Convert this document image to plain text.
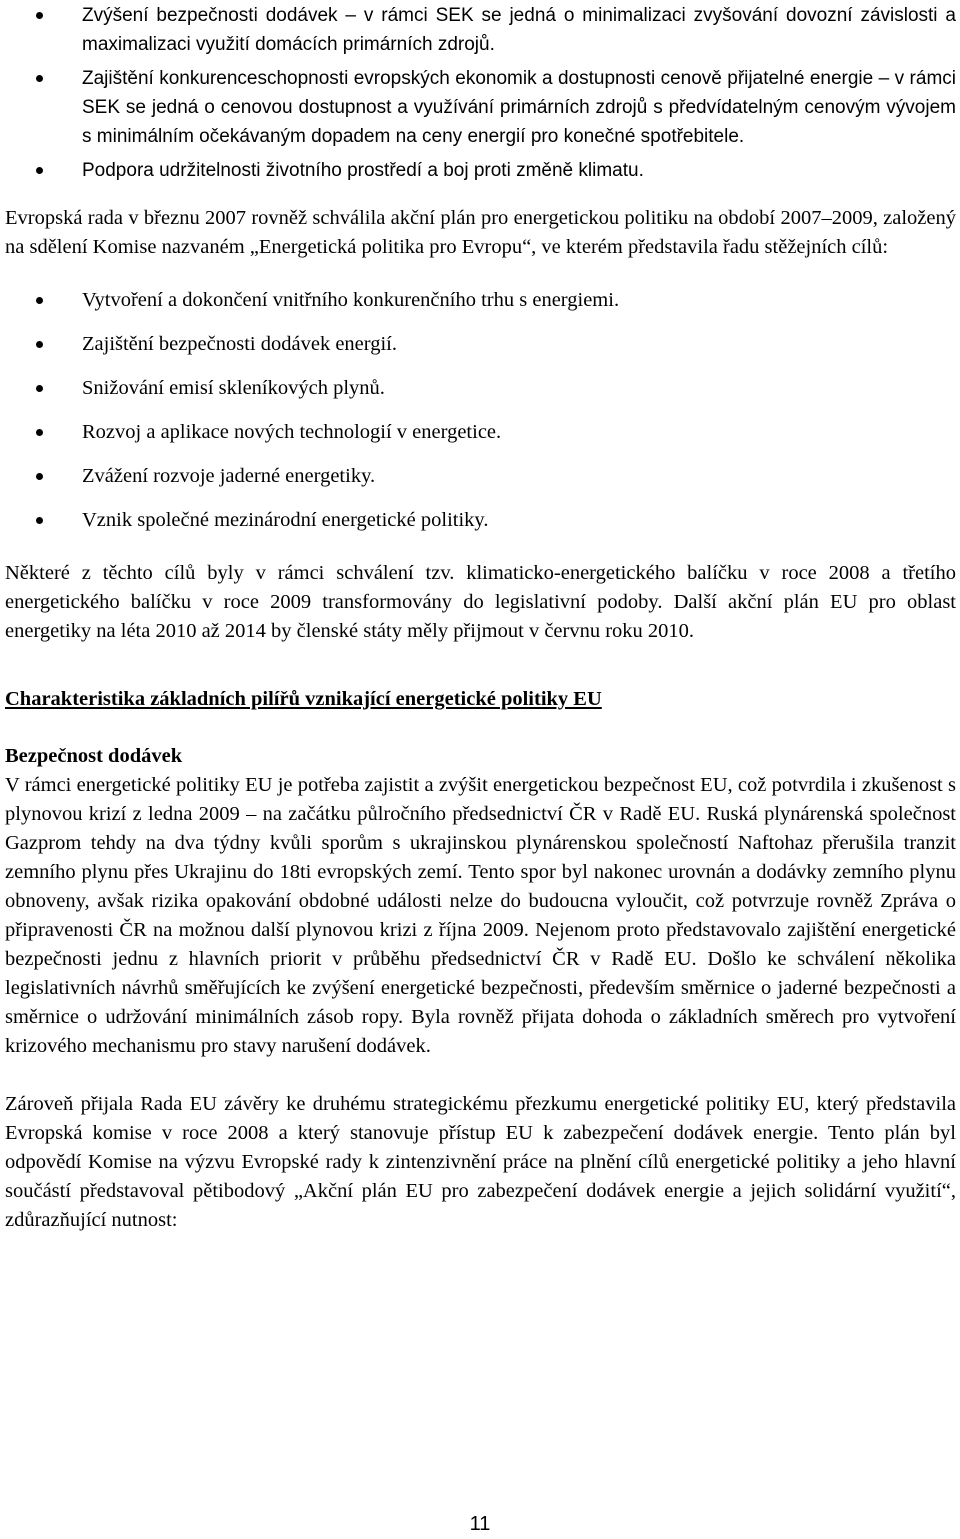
Zvýšení bezpečnosti dodávek – v rámci SEK se jedná o minimalizaci zvyšování dovozní závislosti a maximalizaci využití domácích primárních zdrojů.
Zajištění konkurenceschopnosti evropských ekonomik a dostupnosti cenově přijatelné energie – v rámci SEK se jedná o cenovou dostupnost a využívání primárních zdrojů s předvídatelným cenovým vývojem s minimálním očekávaným dopadem na ceny energií pro konečné spotřebitele.
Podpora udržitelnosti životního prostředí a boj proti změně klimatu.

Evropská rada v březnu 2007 rovněž schválila akční plán pro energetickou politiku na období 2007–2009, založený na sdělení Komise nazvaném „Energetická politika pro Evropu“, ve kterém představila řadu stěžejních cílů:

Vytvoření a dokončení vnitřního konkurenčního trhu s energiemi.
Zajištění bezpečnosti dodávek energií.
Snižování emisí skleníkových plynů.
Rozvoj a aplikace nových technologií v energetice.
Zvážení rozvoje jaderné energetiky.
Vznik společné mezinárodní energetické politiky.

Některé z těchto cílů byly v rámci schválení tzv. klimaticko-energetického balíčku v roce 2008 a třetího energetického balíčku v roce 2009 transformovány do legislativní podoby. Další akční plán EU pro oblast energetiky na léta 2010 až 2014 by členské státy měly přijmout v červnu roku 2010.

Charakteristika základních pilířů vznikající energetické politiky EU

Bezpečnost dodávek

V rámci energetické politiky EU je potřeba zajistit a zvýšit energetickou bezpečnost EU, což potvrdila i zkušenost s plynovou krizí z ledna 2009 – na začátku půlročního předsednictví ČR v Radě EU. Ruská plynárenská společnost Gazprom tehdy na dva týdny kvůli sporům s ukrajinskou plynárenskou společností Naftohaz přerušila tranzit zemního plynu přes Ukrajinu do 18ti evropských zemí. Tento spor byl nakonec urovnán a dodávky zemního plynu obnoveny, avšak rizika opakování obdobné události nelze do budoucna vyloučit, což potvrzuje rovněž Zpráva o připravenosti ČR na možnou další plynovou krizi z října 2009. Nejenom proto představovalo zajištění energetické bezpečnosti jednu z hlavních priorit v průběhu předsednictví ČR v Radě EU. Došlo ke schválení několika legislativních návrhů směřujících ke zvýšení energetické bezpečnosti, především směrnice o jaderné bezpečnosti a směrnice o udržování minimálních zásob ropy. Byla rovněž přijata dohoda o základních směrech pro vytvoření krizového mechanismu pro stavy narušení dodávek.

Zároveň přijala Rada EU závěry ke druhému strategickému přezkumu energetické politiky EU, který představila Evropská komise v roce 2008 a který stanovuje přístup EU k zabezpečení dodávek energie. Tento plán byl odpovědí Komise na výzvu Evropské rady k zintenzivnění práce na plnění cílů energetické politiky a jeho hlavní součástí představoval pětibodový „Akční plán EU pro zabezpečení dodávek energie a jejich solidární využití“, zdůrazňující nutnost:

11
